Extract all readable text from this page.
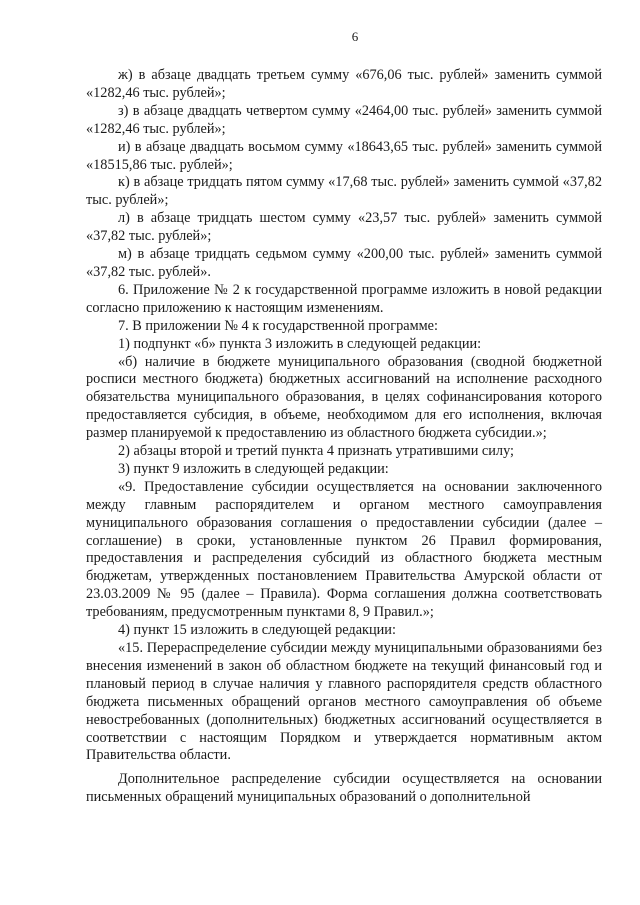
6

ж) в абзаце двадцать третьем сумму «676,06 тыс. рублей» заменить суммой «1282,46 тыс. рублей»;

з) в абзаце двадцать четвертом сумму «2464,00 тыс. рублей» заменить суммой «1282,46 тыс. рублей»;

и) в абзаце двадцать восьмом сумму «18643,65 тыс. рублей» заменить суммой «18515,86 тыс. рублей»;

к) в абзаце тридцать пятом сумму «17,68 тыс. рублей» заменить суммой «37,82 тыс. рублей»;

л) в абзаце тридцать шестом сумму «23,57 тыс. рублей» заменить суммой «37,82 тыс. рублей»;

м) в абзаце тридцать седьмом сумму «200,00 тыс. рублей» заменить суммой «37,82 тыс. рублей».

6. Приложение № 2 к государственной программе изложить в новой редакции согласно приложению к настоящим изменениям.

7. В приложении № 4 к государственной программе:

1) подпункт «б» пункта 3 изложить в следующей редакции:

«б) наличие в бюджете муниципального образования (сводной бюджетной росписи местного бюджета) бюджетных ассигнований на исполнение расходного обязательства муниципального образования, в целях софинансирования которого предоставляется субсидия, в объеме, необходимом для его исполнения, включая размер планируемой к предоставлению из областного бюджета субсидии.»;

2) абзацы второй и третий пункта 4 признать утратившими силу;

3) пункт 9 изложить в следующей редакции:

«9. Предоставление субсидии осуществляется на основании заключенного между главным распорядителем и органом местного самоуправления муниципального образования соглашения о предоставлении субсидии (далее – соглашение) в сроки, установленные пунктом 26 Правил формирования, предоставления и распределения субсидий из областного бюджета местным бюджетам, утвержденных постановлением Правительства Амурской области от 23.03.2009 № 95 (далее – Правила). Форма соглашения должна соответствовать требованиям, предусмотренным пунктами 8, 9 Правил.»;

4) пункт 15 изложить в следующей редакции:

«15. Перераспределение субсидии между муниципальными образованиями без внесения изменений в закон об областном бюджете на текущий финансовый год и плановый период в случае наличия у главного распорядителя средств областного бюджета письменных обращений органов местного самоуправления об объеме невостребованных (дополнительных) бюджетных ассигнований осуществляется в соответствии с настоящим Порядком и утверждается нормативным актом Правительства области.

Дополнительное распределение субсидии осуществляется на основании письменных обращений муниципальных образований о дополнительной
